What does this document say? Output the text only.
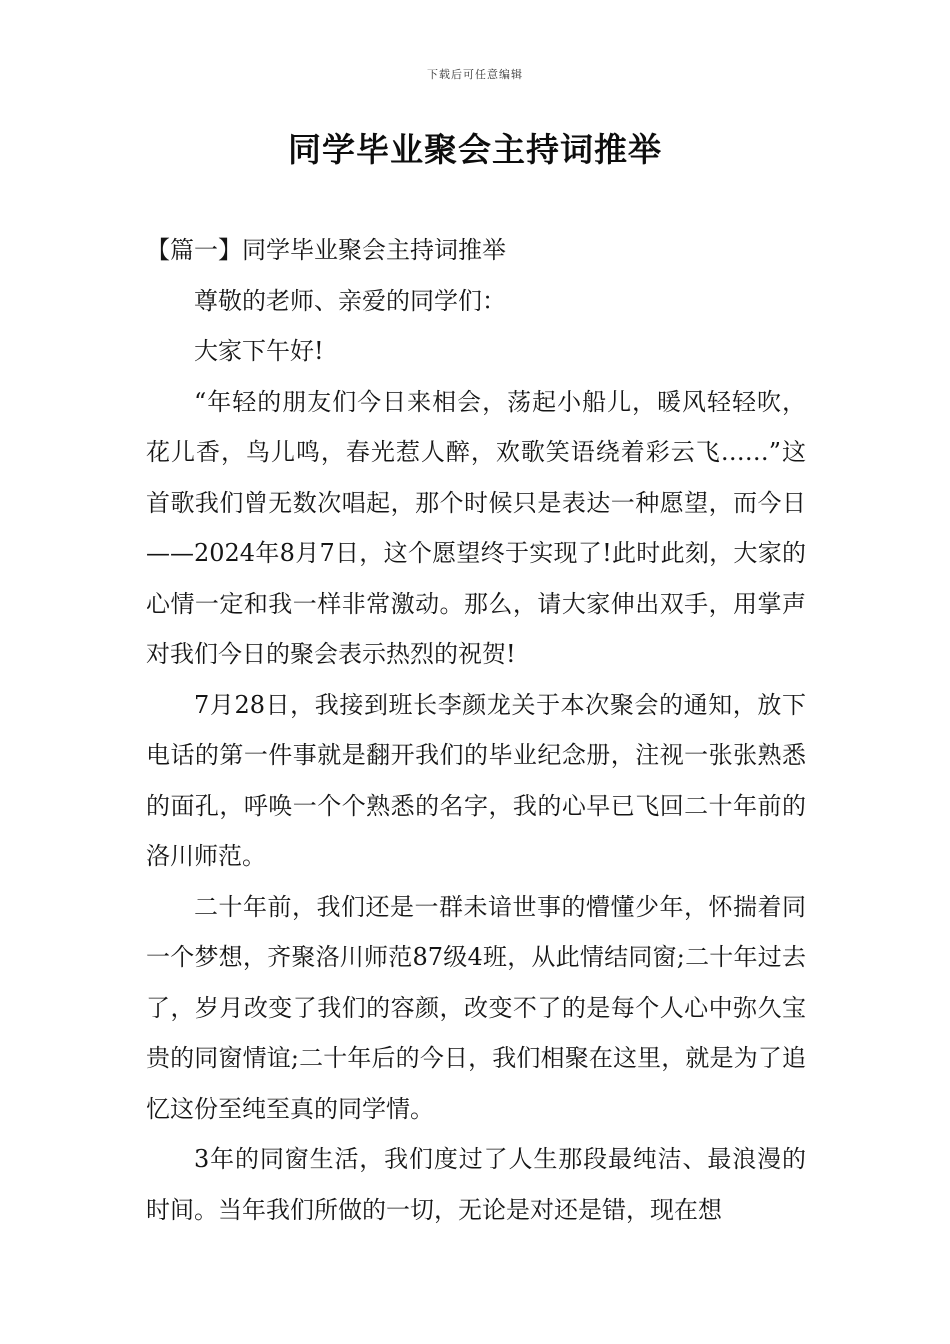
下载后可任意编辑
同学毕业聚会主持词推举

【篇一】同学毕业聚会主持词推举

尊敬的老师、亲爱的同学们：

大家下午好!

“年轻的朋友们今日来相会，荡起小船儿，暖风轻轻吹，花儿香，鸟儿鸣，春光惹人醉，欢歌笑语绕着彩云飞……”这首歌我们曾无数次唱起，那个时候只是表达一种愿望，而今日——2024年8月7日，这个愿望终于实现了!此时此刻，大家的心情一定和我一样非常激动。那么，请大家伸出双手，用掌声对我们今日的聚会表示热烈的祝贺!

7月28日，我接到班长李颜龙关于本次聚会的通知，放下电话的第一件事就是翻开我们的毕业纪念册，注视一张张熟悉的面孔，呼唤一个个熟悉的名字，我的心早已飞回二十年前的洛川师范。

二十年前，我们还是一群未谙世事的懵懂少年，怀揣着同一个梦想，齐聚洛川师范87级4班，从此情结同窗;二十年过去了，岁月改变了我们的容颜，改变不了的是每个人心中弥久宝贵的同窗情谊;二十年后的今日，我们相聚在这里，就是为了追忆这份至纯至真的同学情。

3年的同窗生活，我们度过了人生那段最纯洁、最浪漫的时间。当年我们所做的一切，无论是对还是错，现在想
